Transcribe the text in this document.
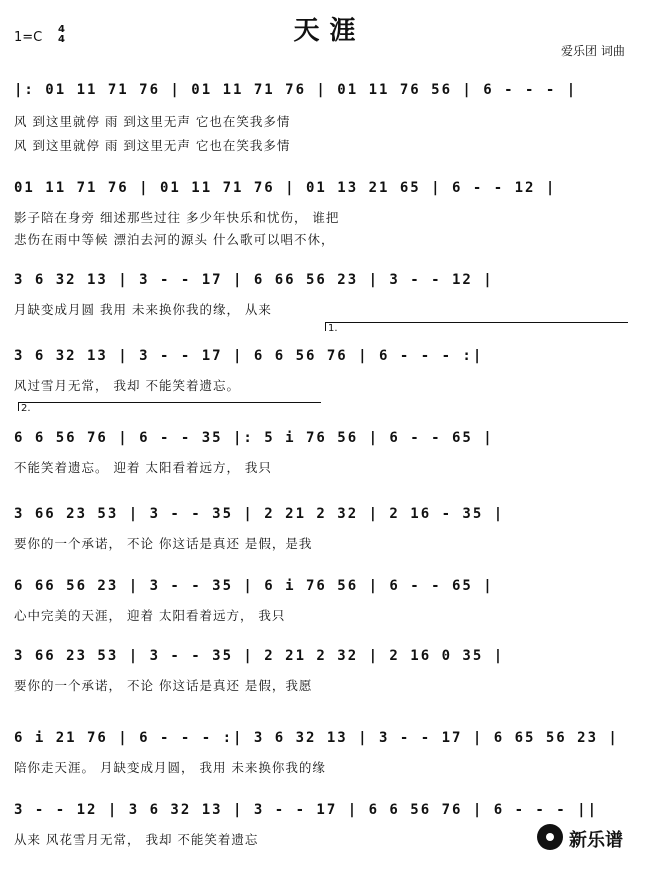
天涯
1=C
4
4
爱乐团 词曲
|: 01 11 71 76 | 01 11 71 76 | 01 11 76 56 | 6 - - - |
风 到这里就停 雨 到这里无声 它也在笑我多情
风 到这里就停 雨 到这里无声 它也在笑我多情
01 11 71 76 | 01 11 71 76 | 01 13 21 65 | 6 - - 12 |
影子陪在身旁 细述那些过往 多少年快乐和忧伤， 谁把
悲伤在雨中等候 漂泊去河的源头 什么歌可以唱不休，
3 6 32 13 | 3 - - 17 | 6 66 56 23 | 3 - - 12 |
月缺变成月圆 我用 未来换你我的缘， 从来
1.
3 6 32 13 | 3 - - 17 | 6 6 56 76 | 6 - - - :|
风过雪月无常， 我却 不能笑着遗忘。
2.
6 6 56 76 | 6 - - 35 |: 5 i 76 56 | 6 - - 65 |
不能笑着遗忘。 迎着 太阳看着远方， 我只
3 66 23 53 | 3 - - 35 | 2 21 2 32 | 2 16 - 35 |
要你的一个承诺， 不论 你这话是真还 是假，是我
6 66 56 23 | 3 - - 35 | 6 i 76 56 | 6 - - 65 |
心中完美的天涯， 迎着 太阳看着远方， 我只
3 66 23 53 | 3 - - 35 | 2 21 2 32 | 2 16 0 35 |
要你的一个承诺， 不论 你这话是真还 是假，我愿
6 i 21 76 | 6 - - - :| 3 6 32 13 | 3 - - 17 | 6 65 56 23 |
陪你走天涯。 月缺变成月圆， 我用 未来换你我的缘
3 - - 12 | 3 6 32 13 | 3 - - 17 | 6 6 56 76 | 6 - - - ||
从来 风花雪月无常， 我却 不能笑着遗忘	新乐谱
